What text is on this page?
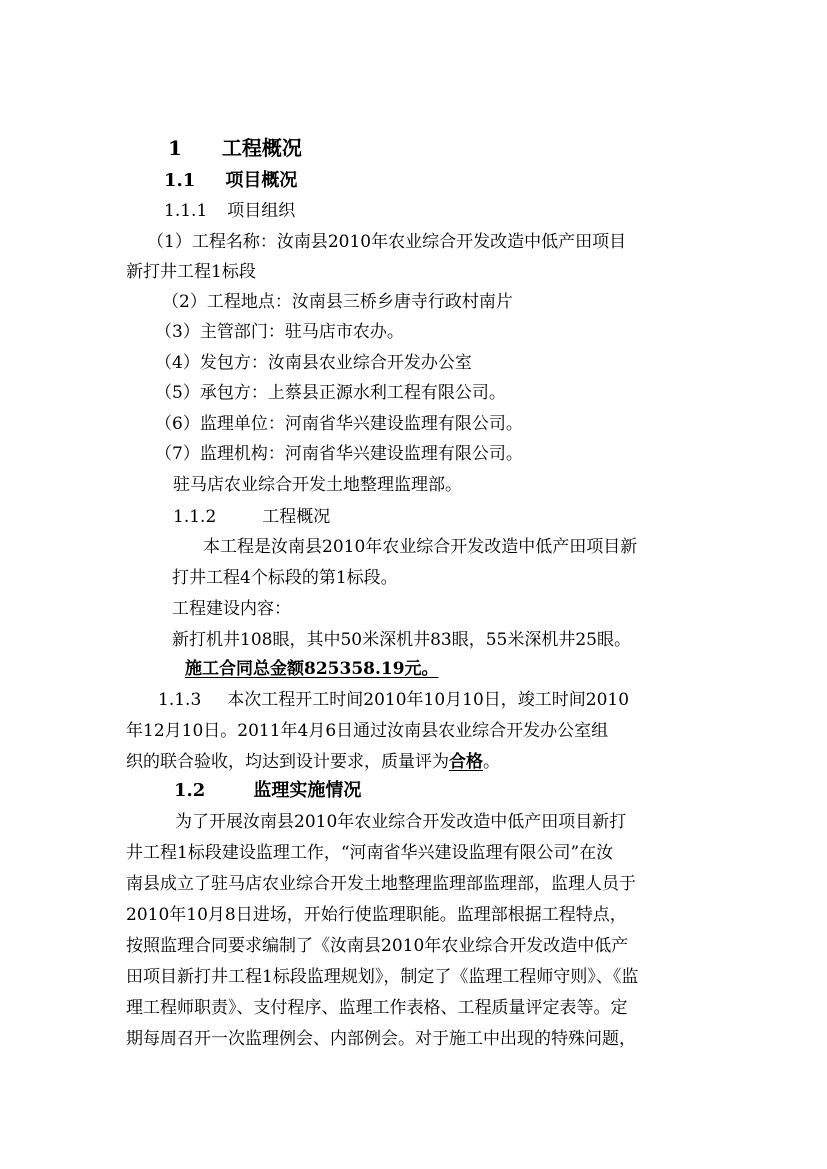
1 工程概况
1.1 项目概况
1.1.1 项目组织
（1）工程名称：汝南县2010年农业综合开发改造中低产田项目
新打井工程1标段
（2）工程地点：汝南县三桥乡唐寺行政村南片
（3）主管部门：驻马店市农办。
（4）发包方：汝南县农业综合开发办公室
（5）承包方：上蔡县正源水利工程有限公司。
（6）监理单位：河南省华兴建设监理有限公司。
（7）监理机构：河南省华兴建设监理有限公司。
驻马店农业综合开发土地整理监理部。
1.1.2	工程概况
本工程是汝南县2010年农业综合开发改造中低产田项目新
打井工程4个标段的第1标段。
工程建设内容：
新打机井108眼，其中50米深机井83眼，55米深机井25眼。
施工合同总金额825358.19元。
1.1.3 本次工程开工时间2010年10月10日，竣工时间2010
年12月10日。2011年4月6日通过汝南县农业综合开发办公室组
织的联合验收，均达到设计要求，质量评为合格。
1.2	监理实施情况
为了开展汝南县2010年农业综合开发改造中低产田项目新打
井工程1标段建设监理工作，“河南省华兴建设监理有限公司”在汝
南县成立了驻马店农业综合开发土地整理监理部监理部，监理人员于
2010年10月8日进场，开始行使监理职能。监理部根据工程特点，
按照监理合同要求编制了《汝南县2010年农业综合开发改造中低产
田项目新打井工程1标段监理规划》，制定了《监理工程师守则》、《监
理工程师职责》、支付程序、监理工作表格、工程质量评定表等。定
期每周召开一次监理例会、内部例会。对于施工中出现的特殊问题，
